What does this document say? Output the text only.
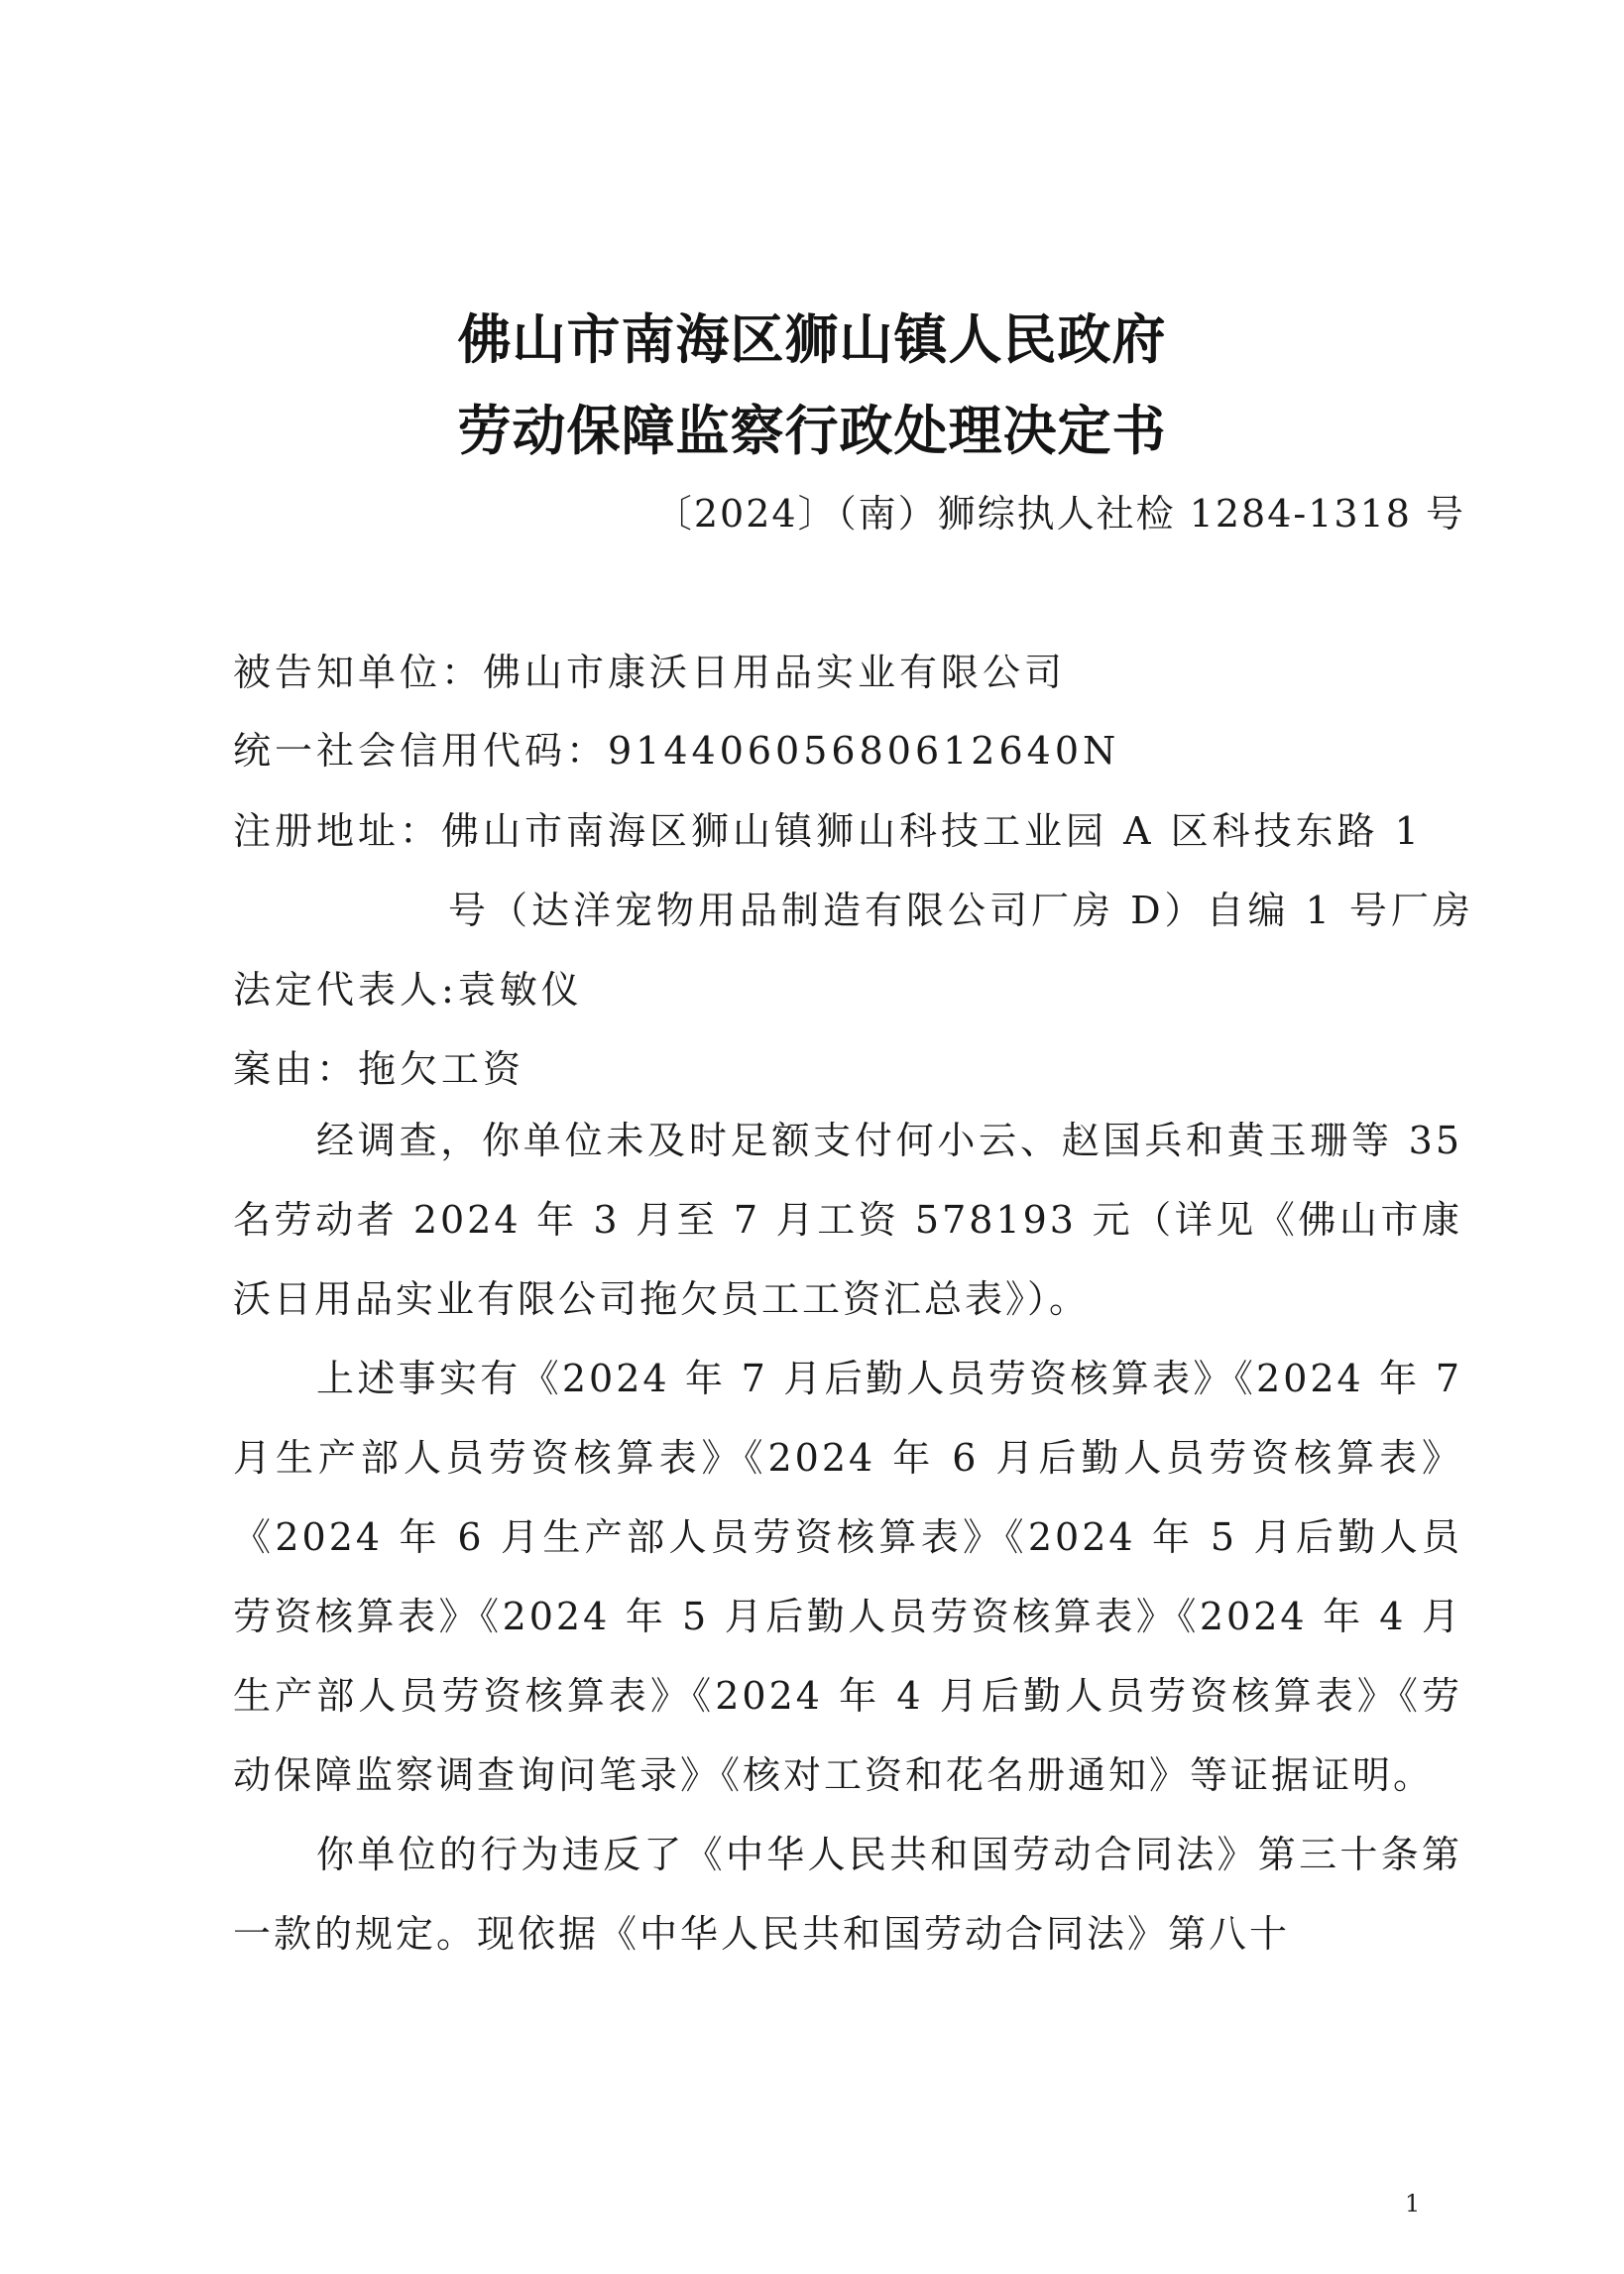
佛山市南海区狮山镇人民政府
劳动保障监察行政处理决定书
〔2024〕（南）狮综执人社检 1284-1318 号
被告知单位：佛山市康沃日用品实业有限公司
统一社会信用代码：91440605680612640N
注册地址：佛山市南海区狮山镇狮山科技工业园 A 区科技东路 1
号（达洋宠物用品制造有限公司厂房 D）自编 1 号厂房
法定代表人:袁敏仪
案由：拖欠工资
经调查，你单位未及时足额支付何小云、赵国兵和黄玉珊等 35 名劳动者 2024 年 3 月至 7 月工资 578193 元（详见《佛山市康沃日用品实业有限公司拖欠员工工资汇总表》）。
上述事实有《2024 年 7 月后勤人员劳资核算表》《2024 年 7 月生产部人员劳资核算表》《2024 年 6 月后勤人员劳资核算表》《2024 年 6 月生产部人员劳资核算表》《2024 年 5 月后勤人员劳资核算表》《2024 年 5 月后勤人员劳资核算表》《2024 年 4 月生产部人员劳资核算表》《2024 年 4 月后勤人员劳资核算表》《劳动保障监察调查询问笔录》《核对工资和花名册通知》等证据证明。
你单位的行为违反了《中华人民共和国劳动合同法》第三十条第一款的规定。现依据《中华人民共和国劳动合同法》第八十
1
